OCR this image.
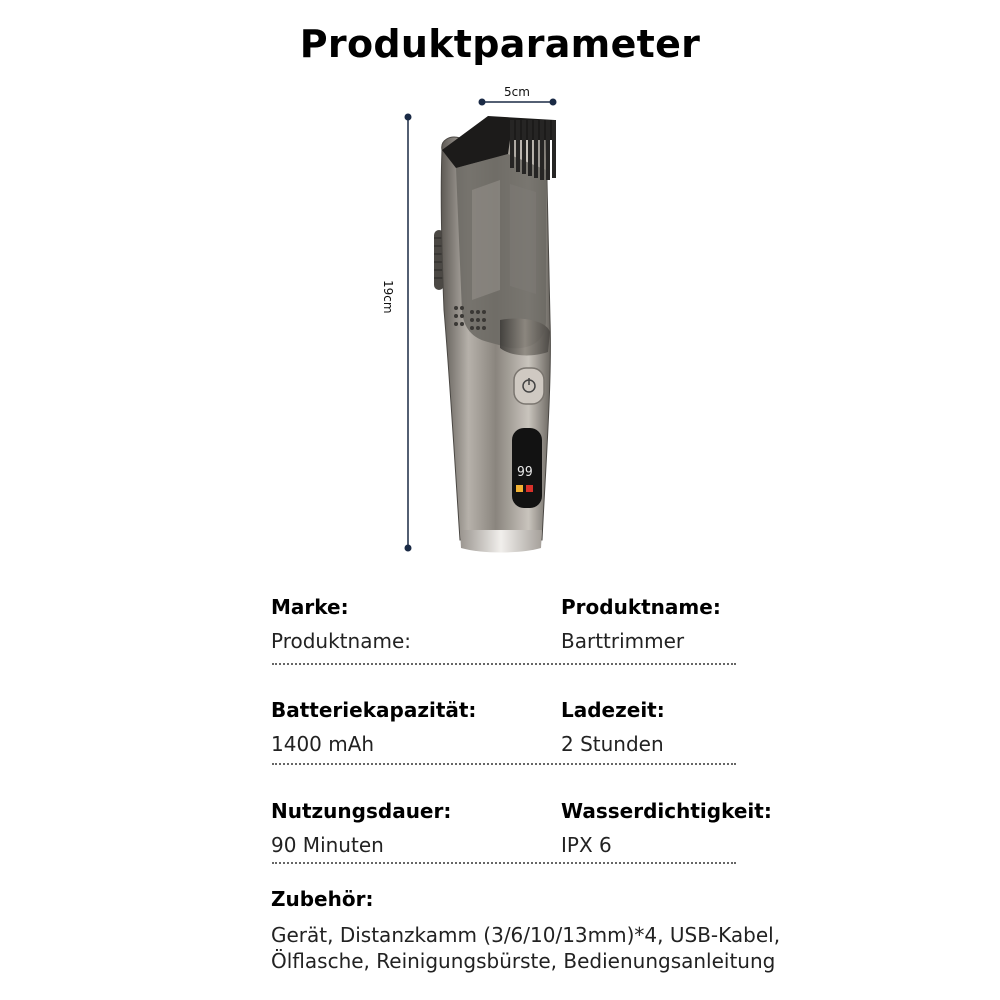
Produktparameter
19cm
5cm
99
Marke:
Produktname:
Produktname:
Barttrimmer
Batteriekapazität:
1400 mAh
Ladezeit:
2 Stunden
Nutzungsdauer:
90 Minuten
Wasserdichtigkeit:
IPX 6
Zubehör:
Gerät, Distanzkamm (3/6/10/13mm)*4, USB-Kabel,
Ölflasche, Reinigungsbürste, Bedienungsanleitung
